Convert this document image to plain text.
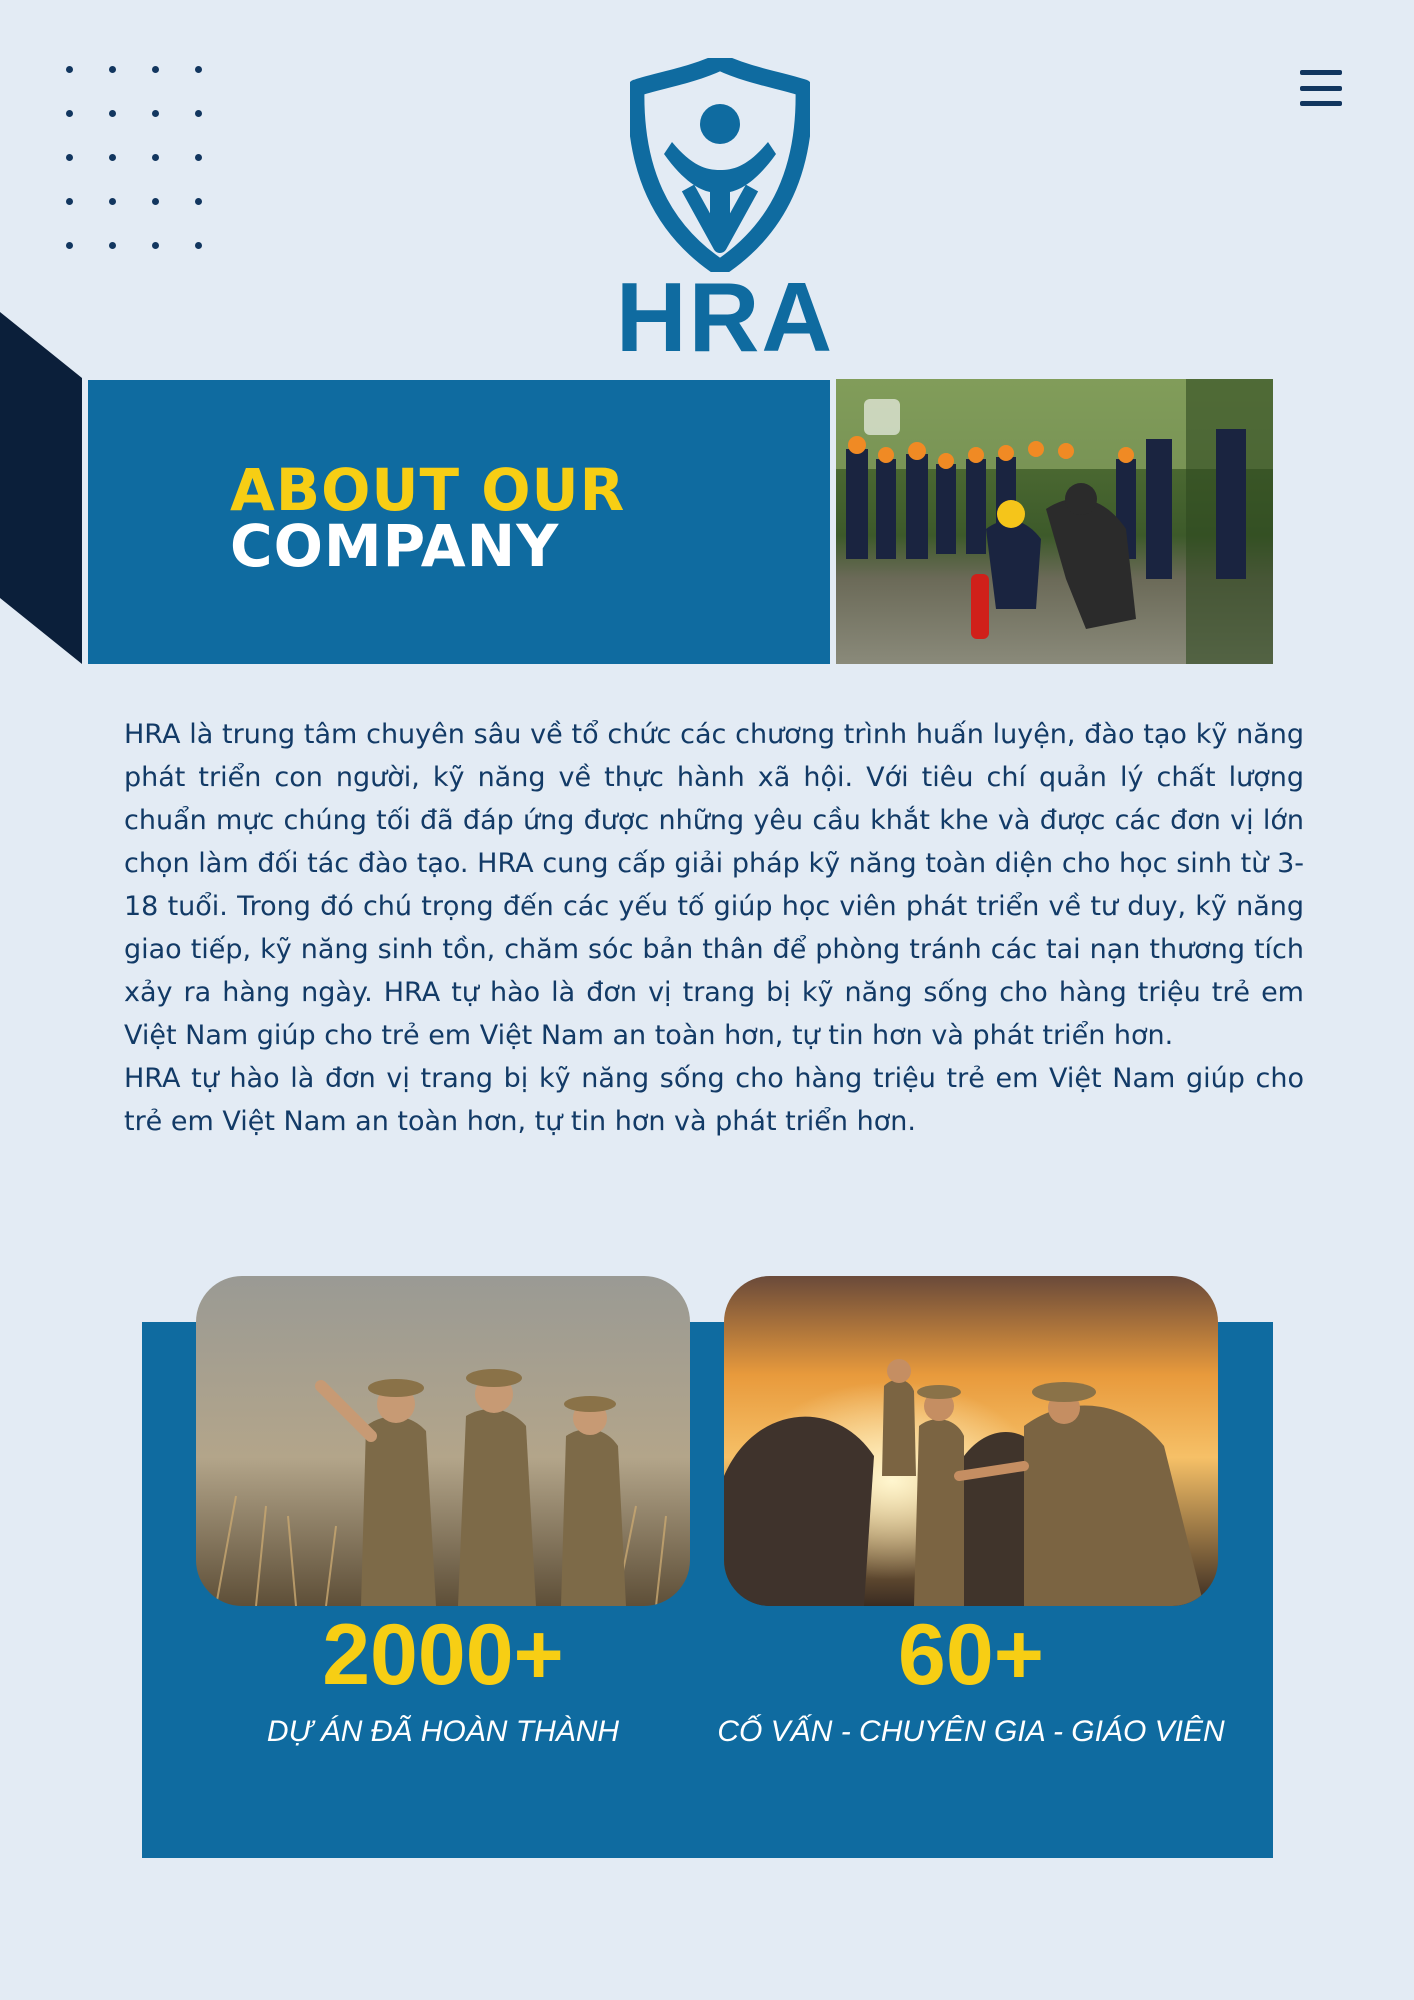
HRA
ABOUT OUR
COMPANY

HRA là trung tâm chuyên sâu về tổ chức các chương trình huấn luyện, đào tạo kỹ năng phát triển con người, kỹ năng về thực hành xã hội. Với tiêu chí quản lý chất lượng chuẩn mực chúng tối đã đáp ứng được những yêu cầu khắt khe và được các đơn vị lớn chọn làm đối tác đào tạo. HRA cung cấp giải pháp kỹ năng toàn diện cho học sinh từ 3-18 tuổi. Trong đó chú trọng đến các yếu tố giúp học viên phát triển về tư duy, kỹ năng giao tiếp, kỹ năng sinh tồn, chăm sóc bản thân để phòng tránh các tai nạn thương tích xảy ra hàng ngày. HRA tự hào là đơn vị trang bị kỹ năng sống cho hàng triệu trẻ em Việt Nam giúp cho trẻ em Việt Nam an toàn hơn, tự tin hơn và phát triển hơn.

HRA tự hào là đơn vị trang bị kỹ năng sống cho hàng triệu trẻ em Việt Nam giúp cho trẻ em Việt Nam an toàn hơn, tự tin hơn và phát triển hơn.

2000+
DỰ ÁN ĐÃ HOÀN THÀNH
60+
CỐ VẤN - CHUYÊN GIA - GIÁO VIÊN
